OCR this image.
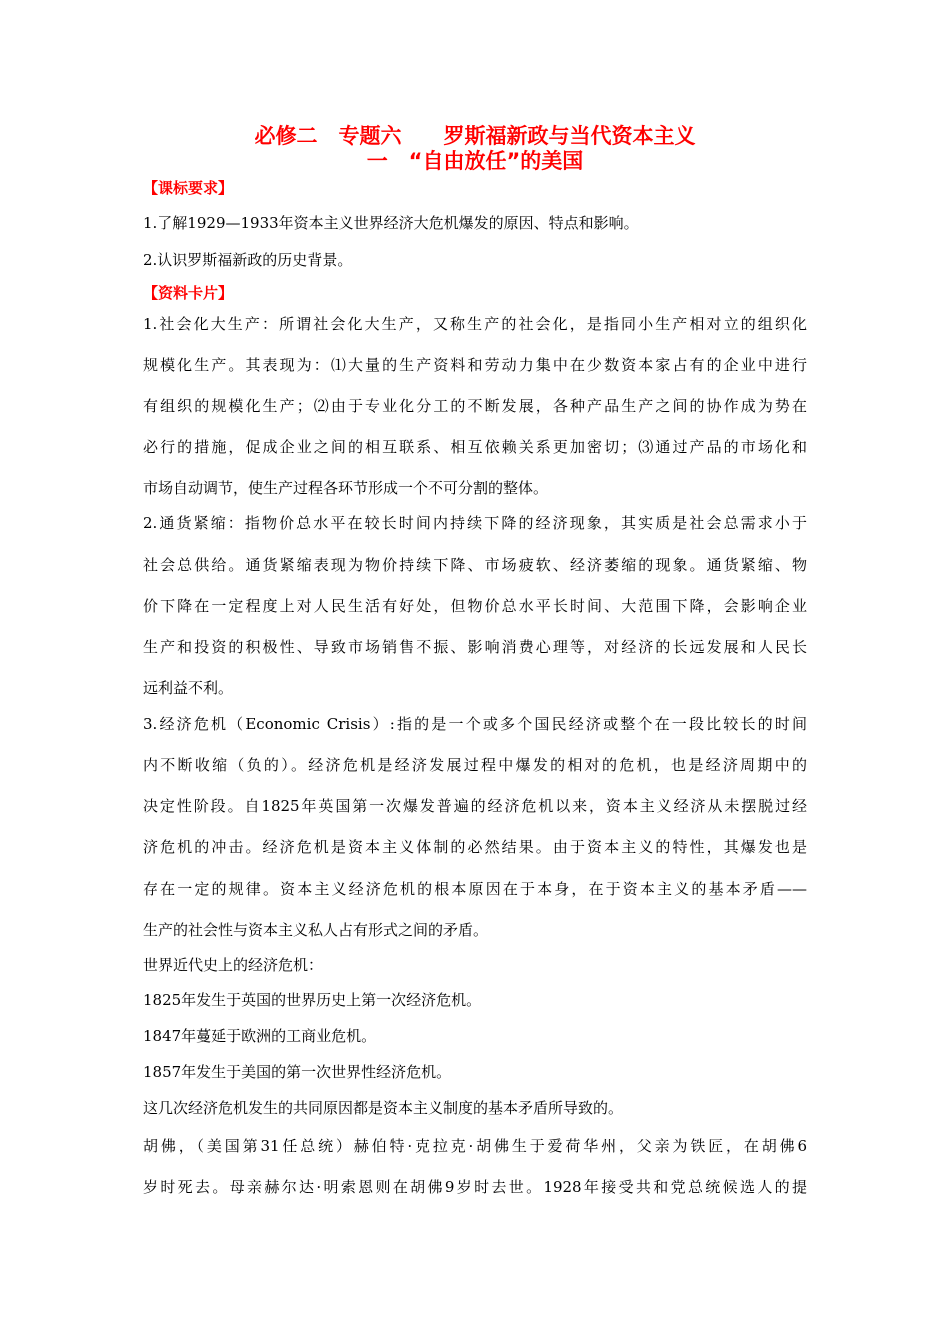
必修二　专题六　　罗斯福新政与当代资本主义
一　“自由放任”的美国
【课标要求】
1.了解1929—1933年资本主义世界经济大危机爆发的原因、特点和影响。
2.认识罗斯福新政的历史背景。
【资料卡片】
1.社会化大生产：所谓社会化大生产，又称生产的社会化，是指同小生产相对立的组织化
规模化生产。其表现为：⑴大量的生产资料和劳动力集中在少数资本家占有的企业中进行
有组织的规模化生产；⑵由于专业化分工的不断发展，各种产品生产之间的协作成为势在
必行的措施，促成企业之间的相互联系、相互依赖关系更加密切；⑶通过产品的市场化和
市场自动调节，使生产过程各环节形成一个不可分割的整体。
2.通货紧缩：指物价总水平在较长时间内持续下降的经济现象，其实质是社会总需求小于
社会总供给。通货紧缩表现为物价持续下降、市场疲软、经济萎缩的现象。通货紧缩、物
价下降在一定程度上对人民生活有好处，但物价总水平长时间、大范围下降，会影响企业
生产和投资的积极性、导致市场销售不振、影响消费心理等，对经济的长远发展和人民长
远利益不利。
3.经济危机（Economic Crisis）:指的是一个或多个国民经济或整个在一段比较长的时间
内不断收缩（负的）。经济危机是经济发展过程中爆发的相对的危机，也是经济周期中的
决定性阶段。自1825年英国第一次爆发普遍的经济危机以来，资本主义经济从未摆脱过经
济危机的冲击。经济危机是资本主义体制的必然结果。由于资本主义的特性，其爆发也是
存在一定的规律。资本主义经济危机的根本原因在于本身，在于资本主义的基本矛盾——
生产的社会性与资本主义私人占有形式之间的矛盾。
世界近代史上的经济危机：
1825年发生于英国的世界历史上第一次经济危机。
1847年蔓延于欧洲的工商业危机。
1857年发生于美国的第一次世界性经济危机。
这几次经济危机发生的共同原因都是资本主义制度的基本矛盾所导致的。
胡佛，（美国第31任总统）赫伯特·克拉克·胡佛生于爱荷华州，父亲为铁匠，在胡佛6
岁时死去。母亲赫尔达·明索恩则在胡佛9岁时去世。1928年接受共和党总统候选人的提
